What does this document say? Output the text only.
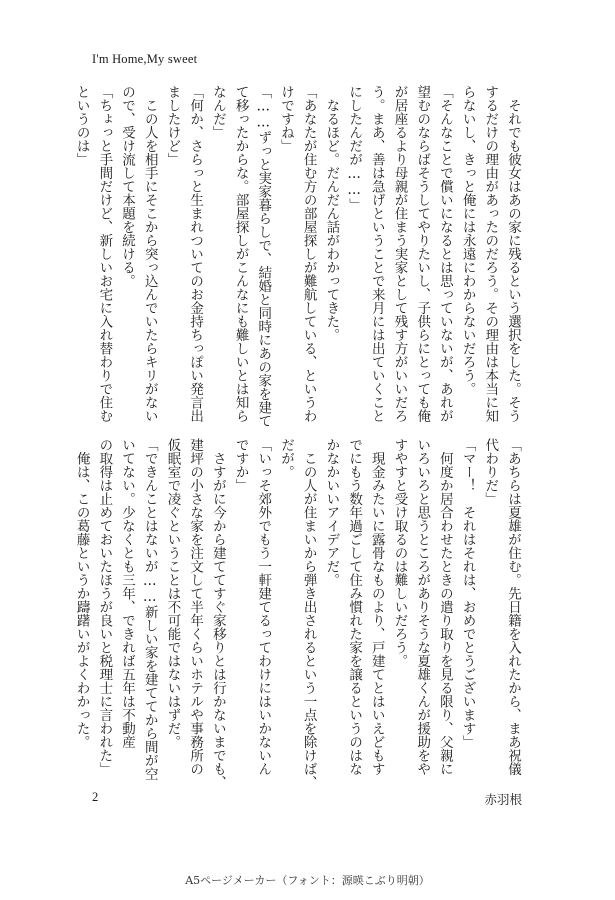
I'm Home,My sweet

　それでも彼女はあの家に残るという選択をした。そう

するだけの理由があったのだろう。その理由は本当に知

らないし、きっと俺には永遠にわからないだろう。

「そんなことで償いになるとは思っていないが、あれが

望むのならばそうしてやりたいし、子供らにとっても俺

が居座るより母親が住まう実家として残す方がいいだろ

う。まあ、善は急げということで来月には出ていくこと

にしたんだが……」

　なるほど。だんだん話がわかってきた。

「あなたが住む方の部屋探しが難航している、というわ

けですね」

「……ずっと実家暮らしで、結婚と同時にあの家を建て

て移ったからな。部屋探しがこんなにも難しいとは知ら

なんだ」

「何か、さらっと生まれついてのお金持ちっぽい発言出

ましたけど」

　この人を相手にそこから突っ込んでいたらキリがない

ので、受け流して本題を続ける。

「ちょっと手間だけど、新しいお宅に入れ替わりで住む

というのは」

「あちらは夏雄が住む。先日籍を入れたから、まあ祝儀

代わりだ」

「マー！　それはそれは、おめでとうございます」

　何度か居合わせたときの遣り取りを見る限り、父親に

いろいろと思うところがありそうな夏雄くんが援助をや

すやすと受け取るのは難しいだろう。

　現金みたいに露骨なものより、戸建てとはいえどもす

でにもう数年過ごして住み慣れた家を譲るというのはな

かなかいいアイデアだ。

　この人が住まいから弾き出されるという一点を除けば、

だが。

「いっそ郊外でもう一軒建てるってわけにはいかないん

ですか」

　さすがに今から建ててすぐ家移りとは行かないまでも、

建坪の小さな家を注文して半年くらいホテルや事務所の

仮眠室で凌ぐということは不可能ではないはずだ。

「できんことはないが……新しい家を建ててから間が空

いてない。少なくとも三年、できれば五年は不動産

の取得は止めておいたほうが良いと税理士に言われた」

　俺は、この葛藤というか躊躇いがよくわかった。

2	赤羽根
A5ページメーカー（フォント：源暎こぶり明朝）
